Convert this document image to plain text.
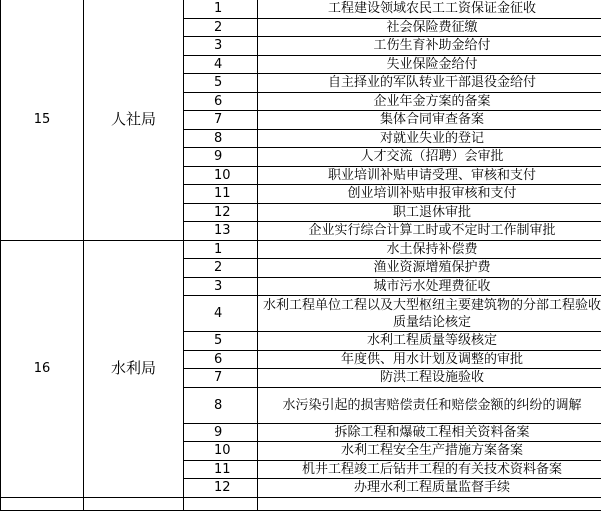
15	人社局	1	工程建设领域农民工工资保证金征收
		2	社会保险费征缴
		3	工伤生育补助金给付
		4	失业保险金给付
		5	自主择业的军队转业干部退役金给付
		6	企业年金方案的备案
		7	集体合同审查备案
		8	对就业失业的登记
		9	人才交流（招聘）会审批
		10	职业培训补贴申请受理、审核和支付
		11	创业培训补贴申报审核和支付
		12	职工退休审批
		13	企业实行综合计算工时或不定时工作制审批
16	水利局	1	水土保持补偿费
		2	渔业资源增殖保护费
		3	城市污水处理费征收
		4	水利工程单位工程以及大型枢纽主要建筑物的分部工程验收质量结论核定
		5	水利工程质量等级核定
		6	年度供、用水计划及调整的审批
		7	防洪工程设施验收
		8	水污染引起的损害赔偿责任和赔偿金额的纠纷的调解
		9	拆除工程和爆破工程相关资料备案
		10	水利工程安全生产措施方案备案
		11	机井工程竣工后钻井工程的有关技术资料备案
		12	办理水利工程质量监督手续
